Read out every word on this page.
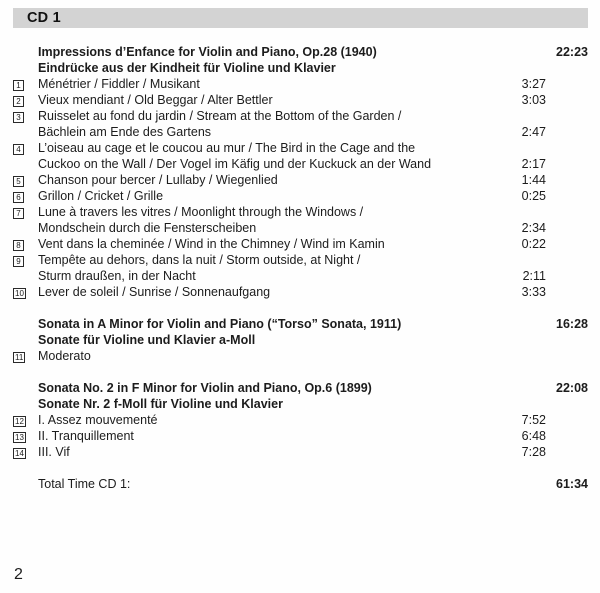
CD 1
Impressions d’Enfance for Violin and Piano, Op.28 (1940)	22:23
Eindrücke aus der Kindheit für Violine und Klavier
1	Ménétrier / Fiddler / Musikant	3:27
2	Vieux mendiant / Old Beggar / Alter Bettler	3:03
3	Ruisselet au fond du jardin / Stream at the Bottom of the Garden /
Bächlein am Ende des Gartens	2:47
4	L’oiseau au cage et le coucou au mur / The Bird in the Cage and the
Cuckoo on the Wall / Der Vogel im Käfig und der Kuckuck an der Wand	2:17
5	Chanson pour bercer / Lullaby / Wiegenlied	1:44
6	Grillon / Cricket / Grille	0:25
7	Lune à travers les vitres / Moonlight through the Windows /
Mondschein durch die Fensterscheiben	2:34
8	Vent dans la cheminée / Wind in the Chimney / Wind im Kamin	0:22
9	Tempête au dehors, dans la nuit / Storm outside, at Night /
Sturm draußen, in der Nacht	2:11
10	Lever de soleil / Sunrise / Sonnenaufgang	3:33
Sonata in A Minor for Violin and Piano (“Torso” Sonata, 1911)	16:28
Sonate für Violine und Klavier a-Moll
11	Moderato
Sonata No. 2 in F Minor for Violin and Piano, Op.6 (1899)	22:08
Sonate Nr. 2 f-Moll für Violine und Klavier
12	I. Assez mouvementé	7:52
13	II. Tranquillement	6:48
14	III. Vif	7:28
Total Time CD 1:	61:34
2
